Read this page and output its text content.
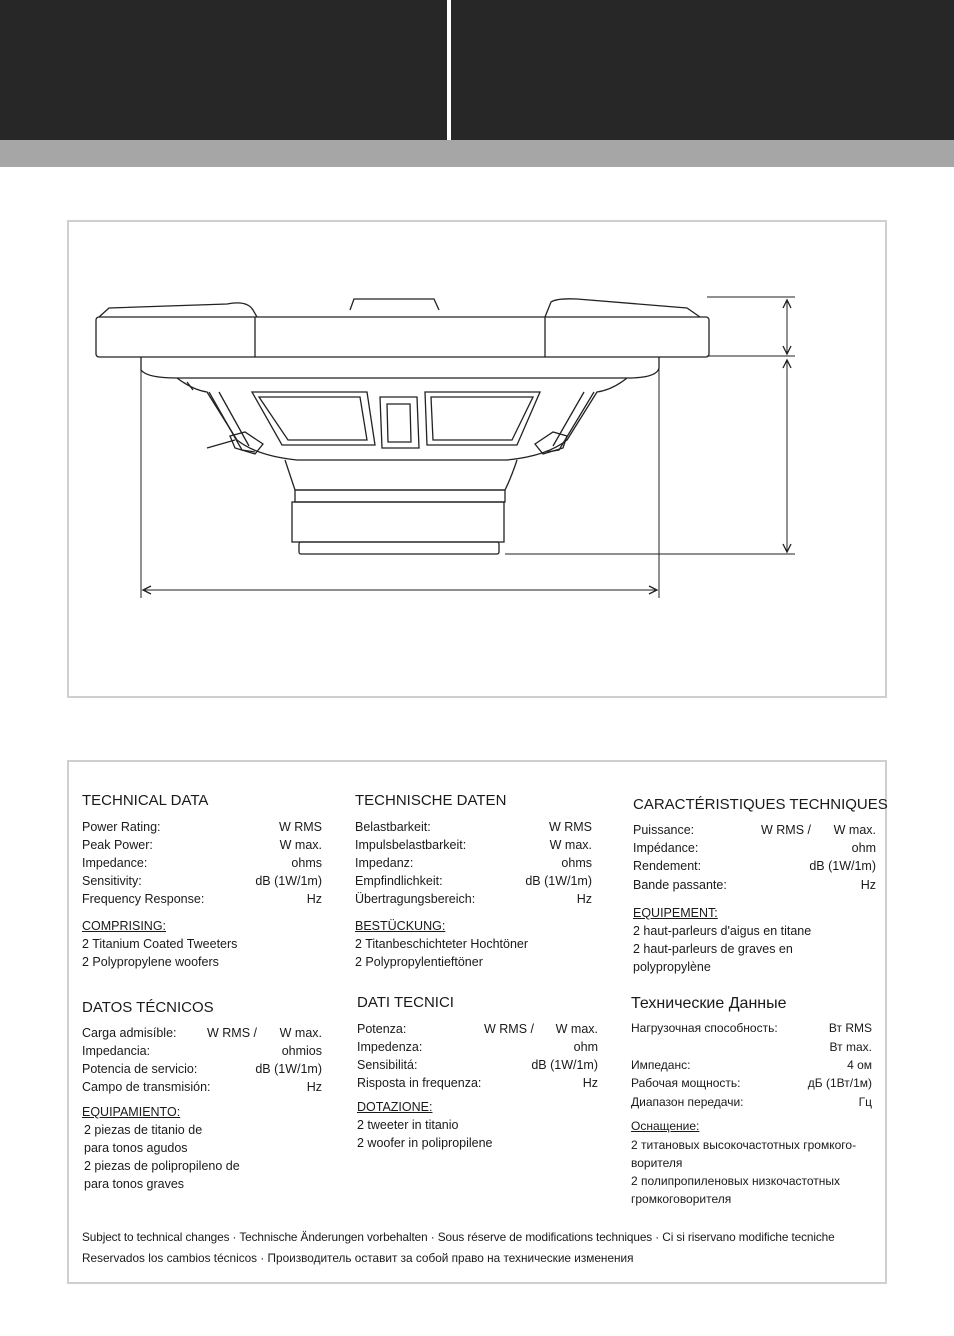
TECHNICAL DATA
Power Rating:	W RMS
Peak Power:	W max.
Impedance:	ohms
Sensitivity:	dB (1W/1m)
Frequency Response:	Hz
COMPRISING:
2 Titanium Coated Tweeters
2 Polypropylene woofers
TECHNISCHE DATEN
Belastbarkeit:	W RMS
Impulsbelastbarkeit:	W max.
Impedanz:	ohms
Empfindlichkeit:	dB (1W/1m)
Übertragungsbereich:	Hz
BESTÜCKUNG:
2 Titanbeschichteter Hochtöner
2 Polypropylentieftöner
CARACTÉRISTIQUES TECHNIQUES
Puissance:	W RMS /	W max.
Impédance:	ohm
Rendement:	dB (1W/1m)
Bande passante:	Hz
EQUIPEMENT:
2 haut-parleurs d'aigus en titane
2 haut-parleurs de graves en
polypropylène
DATOS TÉCNICOS
Carga admisíble: W RMS /	W max.
Impedancia:	ohmios
Potencia de servicio:	dB (1W/1m)
Campo de transmisión:	Hz
EQUIPAMIENTO:
2 piezas de titanio de
para tonos agudos
2 piezas de polipropileno de
para tonos graves
DATI TECNICI
Potenza:	W RMS /	W max.
Impedenza:	ohm
Sensibilitá:	dB (1W/1m)
Risposta in frequenza:	Hz
DOTAZIONE:
2 tweeter in titanio
2 woofer in polipropilene
Технические Данные
Нагрузочная способность:	Вт RMS
Вт max.
Импеданс:	4 ом
Рабочая мощность:	дБ (1Вт/1м)
Диапазон передачи:	Гц
Оснащение:
2 титановых высокочастотных громкого-
ворителя
2 полипропиленовых низкочастотных
громкоговорителя
Subject to technical changes · Technische Änderungen vorbehalten · Sous réserve de modifications techniques · Ci si riservano modifiche tecniche
Reservados los cambios técnicos · Производитель оставит за собой право на технические изменения
